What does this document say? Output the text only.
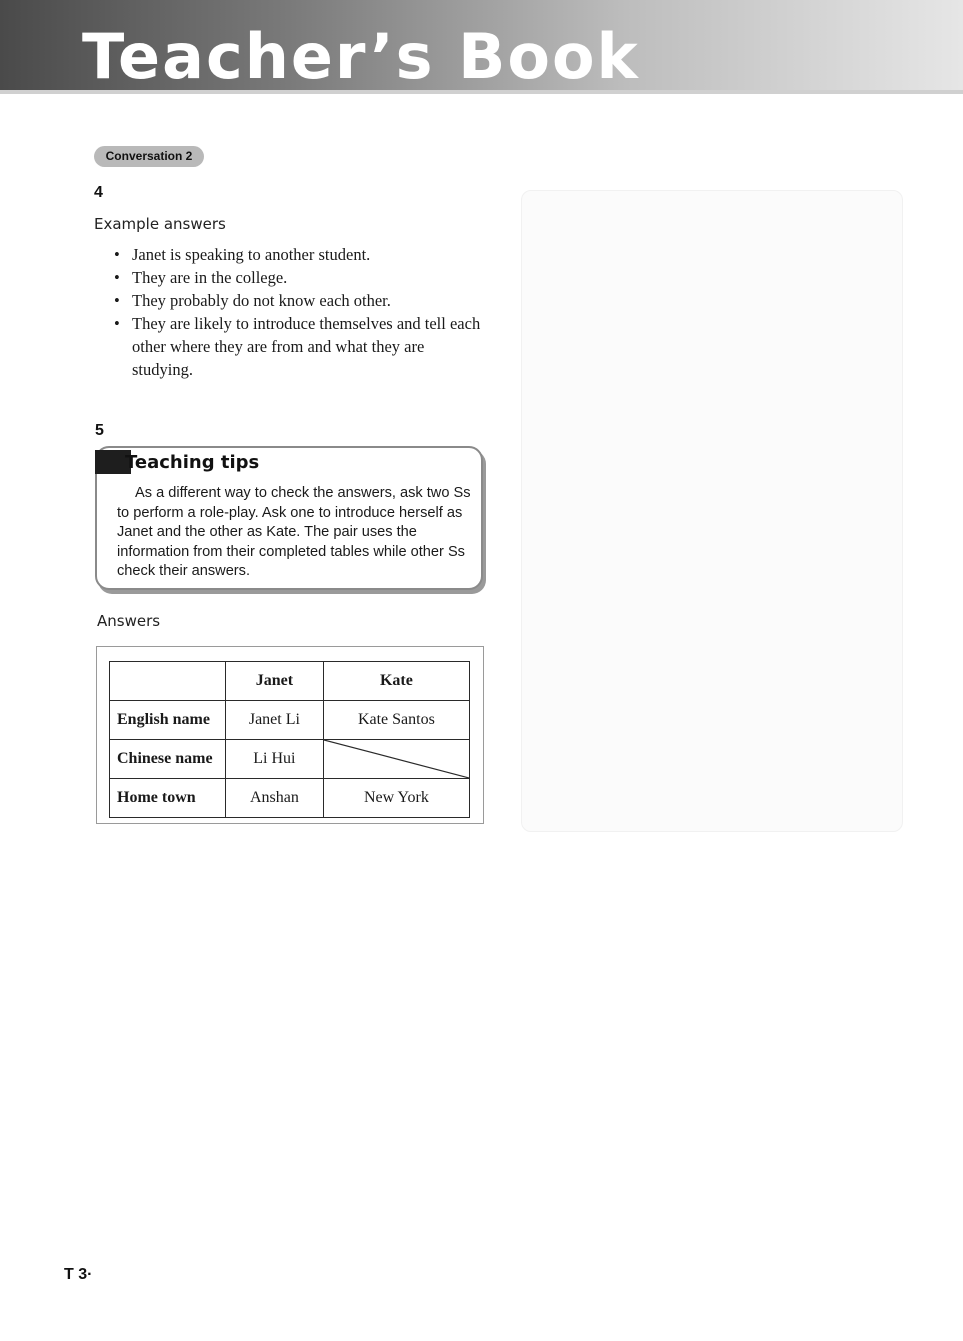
Teacher’s Book
Conversation 2
4
Example answers
• Janet is speaking to another student.
• They are in the college.
• They probably do not know each other.
• They are likely to introduce themselves and tell each other where they are from and what they are studying.
5
Teaching tips
As a different way to check the answers, ask two Ss to perform a role-play. Ask one to introduce herself as Janet and the other as Kate. The pair uses the information from their completed tables while other Ss check their answers.
Answers
	Janet	Kate
English name	Janet Li	Kate Santos
Chinese name	Li Hui	

Home town	Anshan	New York
T 3·
